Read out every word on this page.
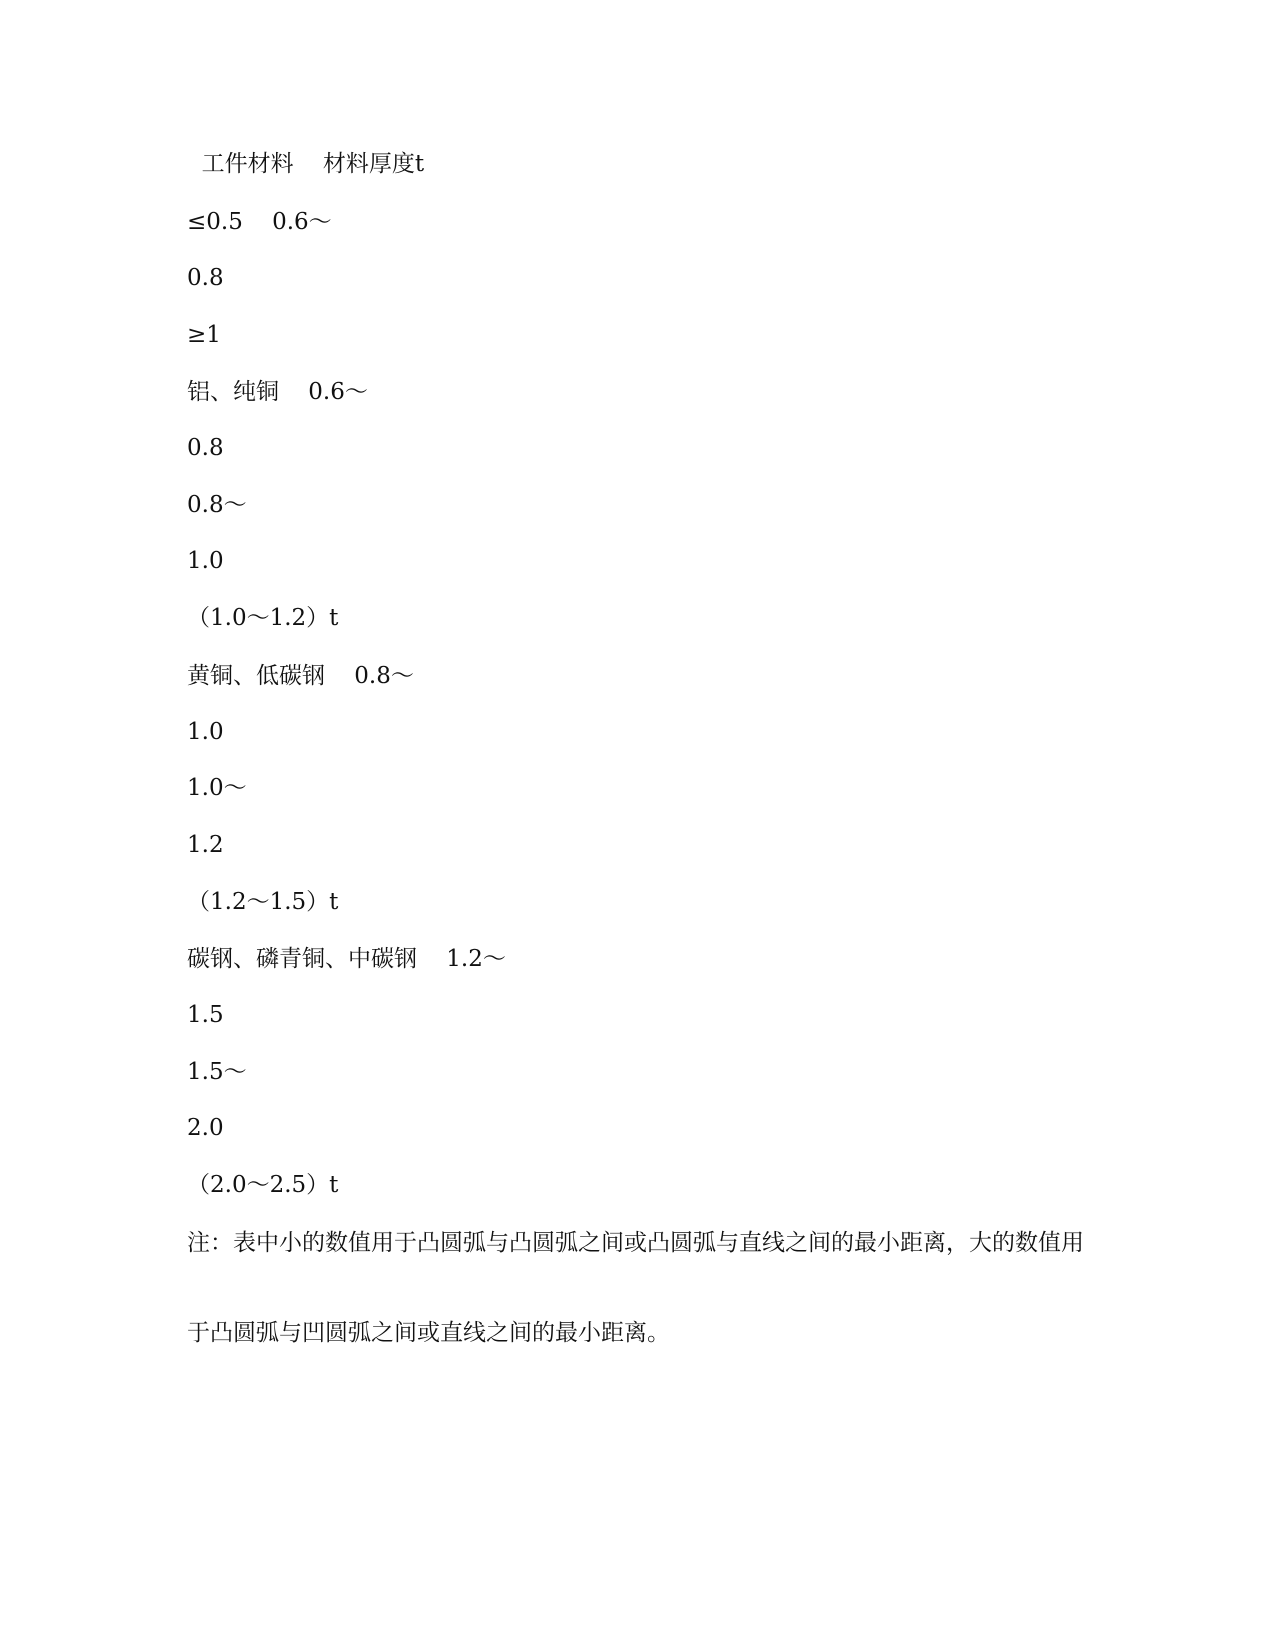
工件材料    材料厚度t
≤0.5    0.6～
0.8
≥1
铝、纯铜    0.6～
0.8
0.8～
1.0
（1.0～1.2）t
黄铜、低碳钢    0.8～
1.0
1.0～
1.2
（1.2～1.5）t
碳钢、磷青铜、中碳钢    1.2～
1.5
1.5～
2.0
（2.0～2.5）t
注：表中小的数值用于凸圆弧与凸圆弧之间或凸圆弧与直线之间的最小距离，大的数值用
于凸圆弧与凹圆弧之间或直线之间的最小距离。
